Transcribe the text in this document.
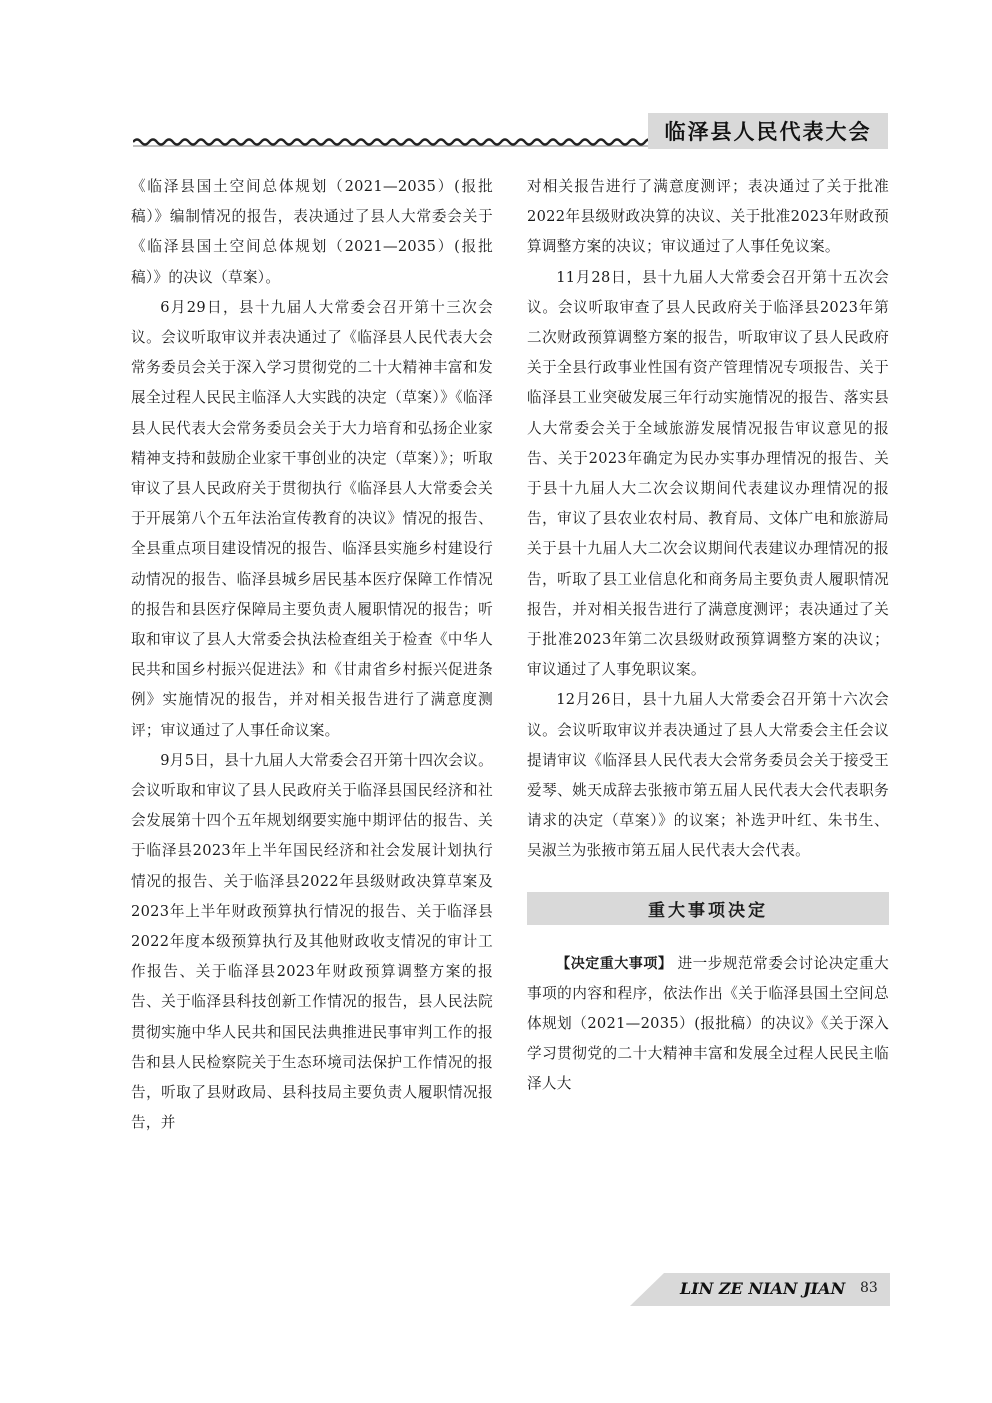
临泽县人民代表大会

《临泽县国土空间总体规划（2021—2035）(报批稿）》编制情况的报告，表决通过了县人大常委会关于《临泽县国土空间总体规划（2021—2035）(报批稿）》的决议（草案）。

6月29日，县十九届人大常委会召开第十三次会议。会议听取审议并表决通过了《临泽县人民代表大会常务委员会关于深入学习贯彻党的二十大精神丰富和发展全过程人民民主临泽人大实践的决定（草案）》《临泽县人民代表大会常务委员会关于大力培育和弘扬企业家精神支持和鼓励企业家干事创业的决定（草案）》；听取审议了县人民政府关于贯彻执行《临泽县人大常委会关于开展第八个五年法治宣传教育的决议》情况的报告、全县重点项目建设情况的报告、临泽县实施乡村建设行动情况的报告、临泽县城乡居民基本医疗保障工作情况的报告和县医疗保障局主要负责人履职情况的报告；听取和审议了县人大常委会执法检查组关于检查《中华人民共和国乡村振兴促进法》和《甘肃省乡村振兴促进条例》实施情况的报告，并对相关报告进行了满意度测评；审议通过了人事任命议案。

9月5日，县十九届人大常委会召开第十四次会议。会议听取和审议了县人民政府关于临泽县国民经济和社会发展第十四个五年规划纲要实施中期评估的报告、关于临泽县2023年上半年国民经济和社会发展计划执行情况的报告、关于临泽县2022年县级财政决算草案及2023年上半年财政预算执行情况的报告、关于临泽县2022年度本级预算执行及其他财政收支情况的审计工作报告、关于临泽县2023年财政预算调整方案的报告、关于临泽县科技创新工作情况的报告，县人民法院贯彻实施中华人民共和国民法典推进民事审判工作的报告和县人民检察院关于生态环境司法保护工作情况的报告，听取了县财政局、县科技局主要负责人履职情况报告，并

对相关报告进行了满意度测评；表决通过了关于批准2022年县级财政决算的决议、关于批准2023年财政预算调整方案的决议；审议通过了人事任免议案。

11月28日，县十九届人大常委会召开第十五次会议。会议听取审查了县人民政府关于临泽县2023年第二次财政预算调整方案的报告，听取审议了县人民政府关于全县行政事业性国有资产管理情况专项报告、关于临泽县工业突破发展三年行动实施情况的报告、落实县人大常委会关于全域旅游发展情况报告审议意见的报告、关于2023年确定为民办实事办理情况的报告、关于县十九届人大二次会议期间代表建议办理情况的报告，审议了县农业农村局、教育局、文体广电和旅游局关于县十九届人大二次会议期间代表建议办理情况的报告，听取了县工业信息化和商务局主要负责人履职情况报告，并对相关报告进行了满意度测评；表决通过了关于批准2023年第二次县级财政预算调整方案的决议；审议通过了人事免职议案。

12月26日，县十九届人大常委会召开第十六次会议。会议听取审议并表决通过了县人大常委会主任会议提请审议《临泽县人民代表大会常务委员会关于接受王爱琴、姚天成辞去张掖市第五届人民代表大会代表职务请求的决定（草案）》的议案；补选尹叶红、朱书生、吴淑兰为张掖市第五届人民代表大会代表。

重大事项决定

【决定重大事项】 进一步规范常委会讨论决定重大事项的内容和程序，依法作出《关于临泽县国土空间总体规划（2021—2035）(报批稿）的决议》《关于深入学习贯彻党的二十大精神丰富和发展全过程人民民主临泽人大

LIN ZE NIAN JIAN 83
